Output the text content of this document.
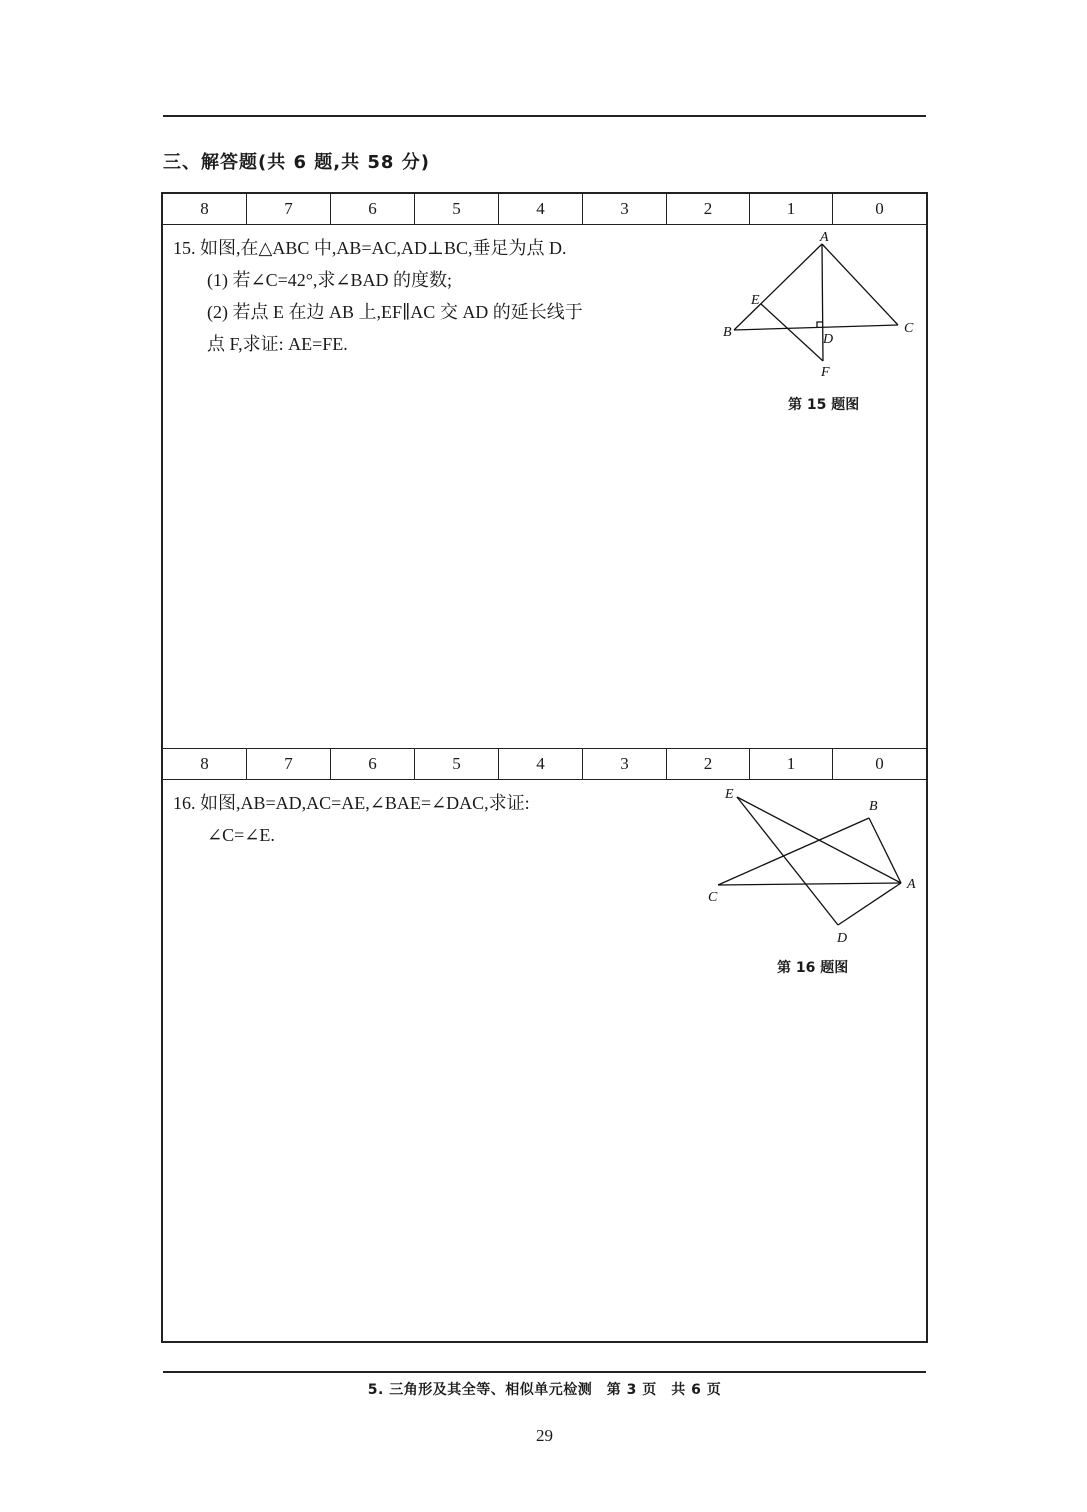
三、解答题(共 6 题,共 58 分)
8	7	6	5	4	3	2	1	0
15. 如图,在△ABC 中,AB=AC,AD⊥BC,垂足为点 D.
(1) 若∠C=42°,求∠BAD 的度数;
(2) 若点 E 在边 AB 上,EF∥AC 交 AD 的延长线于
点 F,求证: AE=FE.
A
B	C
D
E
F
第 15 题图
8	7	6	5	4	3	2	1	0
16. 如图,AB=AD,AC=AE,∠BAE=∠DAC,求证:
∠C=∠E.
E
B
A
C
D
第 16 题图
5. 三角形及其全等、相似单元检测　第 3 页　共 6 页
29
